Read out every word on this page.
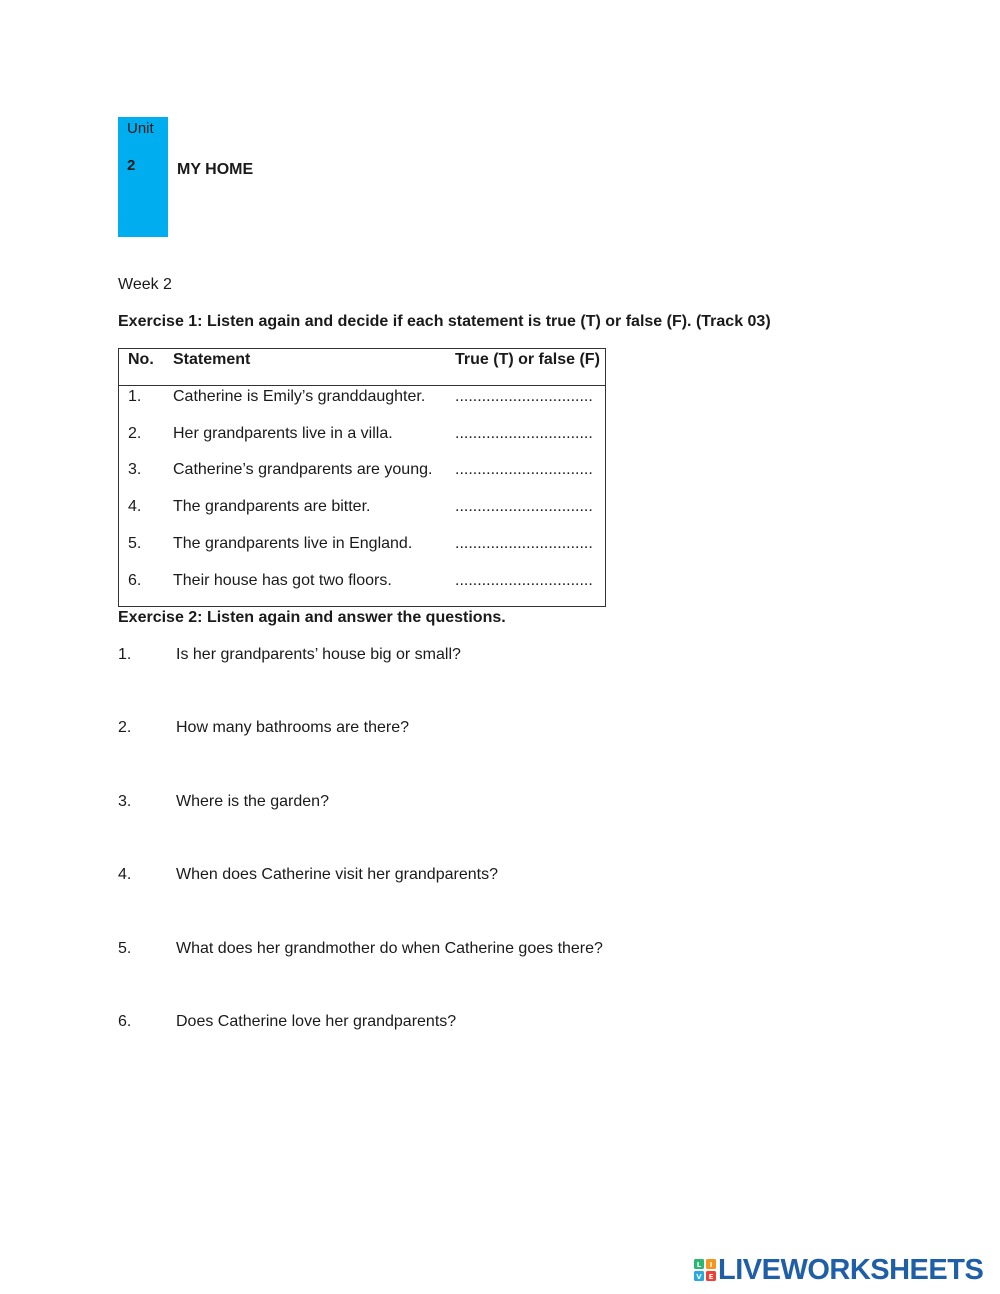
Unit
2	MY HOME
Week 2
Exercise 1: Listen again and decide if each statement is true (T) or false (F). (Track 03)
No. Statement	True (T) or false (F)
1. Catherine is Emily’s granddaughter. ...............................
2. Her grandparents live in a villa.	...............................
3. Catherine’s grandparents are young. ...............................
4. The grandparents are bitter.	...............................
5. The grandparents live in England.	...............................
6. Their house has got two floors.	...............................
Exercise 2: Listen again and answer the questions.
1.	Is her grandparents’ house big or small?
2.	How many bathrooms are there?
3.	Where is the garden?
4.	When does Catherine visit her grandparents?
5.	What does her grandmother do when Catherine goes there?
6.	Does Catherine love her grandparents?
L I
V E LIVEWORKSHEETS
